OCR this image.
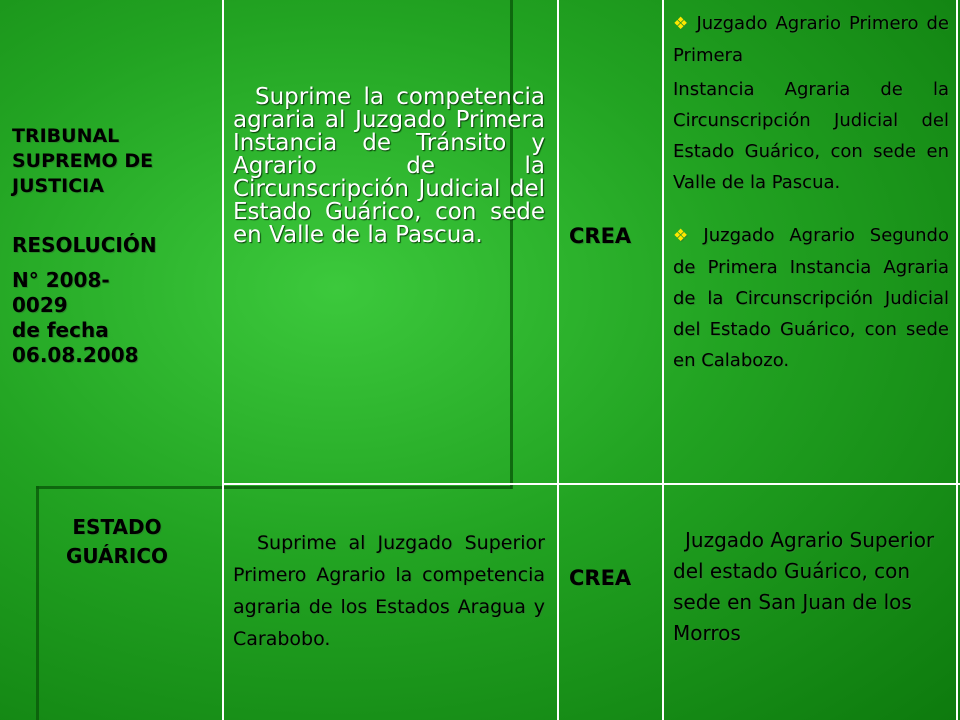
TRIBUNAL SUPREMO DE JUSTICIA

RESOLUCIÓN

N° 2008-0029

de fecha 06.08.2008

Suprime la competencia agraria al Juzgado Primera Instancia de Tránsito y Agrario de la Circunscripción Judicial del Estado Guárico, con sede en Valle de la Pascua.	CREA

❖ Juzgado Agrario Primero de Primera

Instancia Agraria de la Circunscripción Judicial del Estado Guárico, con sede en Valle de la Pascua.

❖ Juzgado Agrario Segundo de Primera Instancia Agraria de la Circunscripción Judicial del Estado Guárico, con sede en Calabozo.

ESTADO GUÁRICO

Suprime al Juzgado Superior Primero Agrario la competencia agraria de los Estados Aragua y Carabobo.

CREA

Juzgado Agrario Superior del estado Guárico, con sede en San Juan de los Morros
